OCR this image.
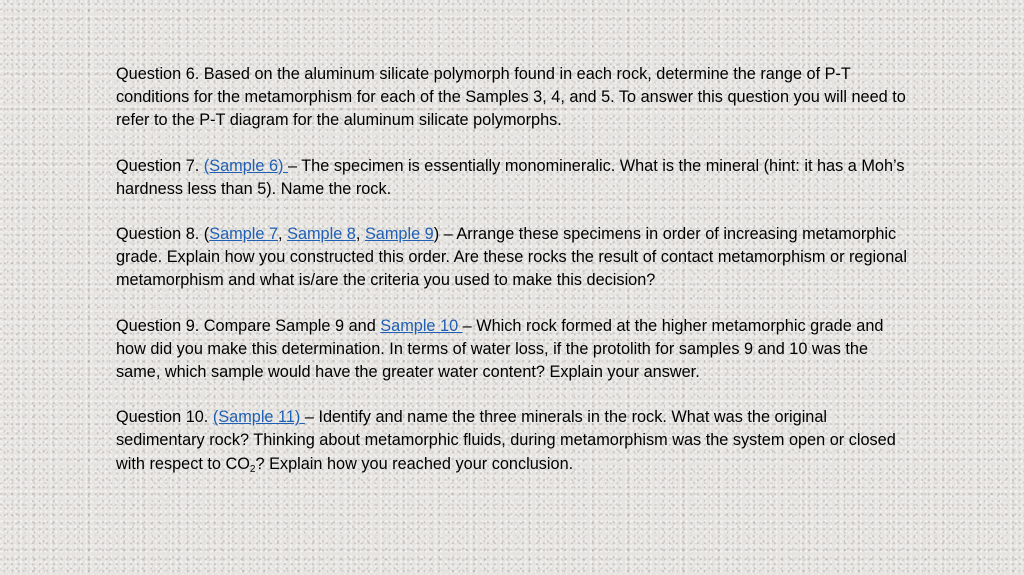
Question 6. Based on the aluminum silicate polymorph found in each rock, determine the range of P-T conditions for the metamorphism for each of the Samples 3, 4, and 5. To answer this question you will need to refer to the P-T diagram for the aluminum silicate polymorphs.

Question 7. (Sample 6) – The specimen is essentially monomineralic. What is the mineral (hint: it has a Moh’s hardness less than 5). Name the rock.

Question 8. (Sample 7, Sample 8, Sample 9) – Arrange these specimens in order of increasing metamorphic grade. Explain how you constructed this order. Are these rocks the result of contact metamorphism or regional metamorphism and what is/are the criteria you used to make this decision?

Question 9. Compare Sample 9 and Sample 10 – Which rock formed at the higher metamorphic grade and how did you make this determination. In terms of water loss, if the protolith for samples 9 and 10 was the same, which sample would have the greater water content? Explain your answer.

Question 10. (Sample 11) – Identify and name the three minerals in the rock. What was the original sedimentary rock? Thinking about metamorphic fluids, during metamorphism was the system open or closed with respect to $CO_2$? Explain how you reached your conclusion.
